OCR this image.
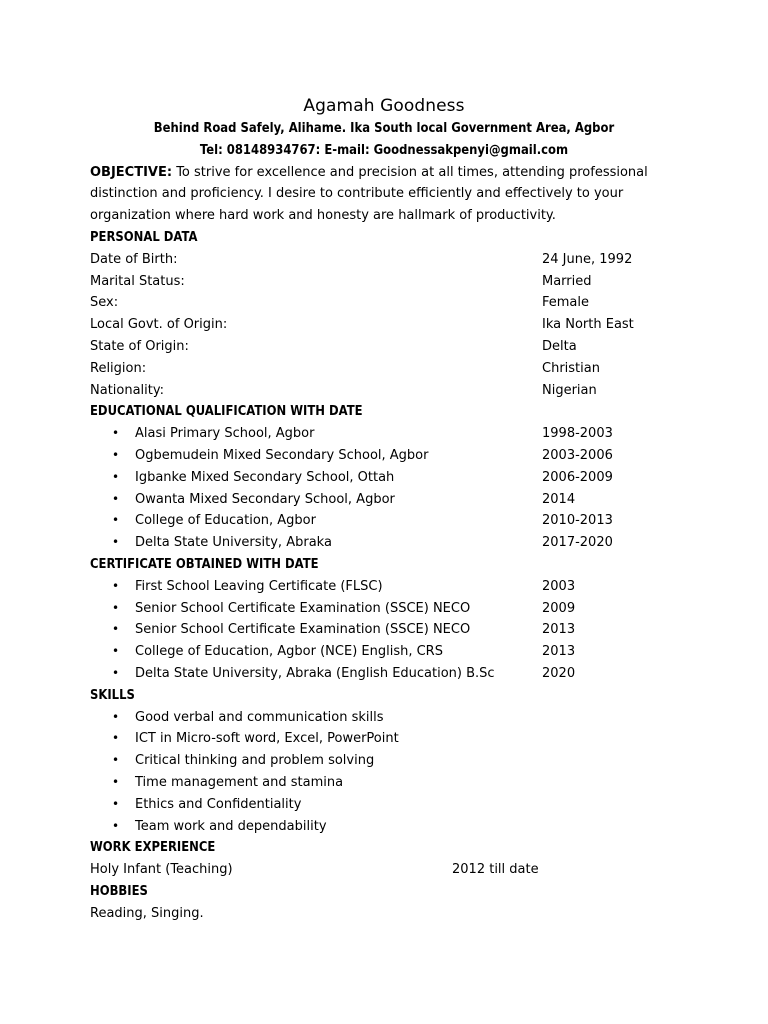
Agamah Goodness
Behind Road Safely, Alihame. Ika South local Government Area, Agbor
Tel: 08148934767: E-mail: Goodnessakpenyi@gmail.com

OBJECTIVE: To strive for excellence and precision at all times, attending professional distinction and proficiency. I desire to contribute efficiently and effectively to your organization where hard work and honesty are hallmark of productivity.

PERSONAL DATA
Date of Birth:	24 June, 1992
Marital Status:	Married
Sex:	Female
Local Govt. of Origin:	Ika North East
State of Origin:	Delta
Religion:	Christian
Nationality:	Nigerian
EDUCATIONAL QUALIFICATION WITH DATE
• Alasi Primary School, Agbor	1998-2003
• Ogbemudein Mixed Secondary School, Agbor	2003-2006
• Igbanke Mixed Secondary School, Ottah	2006-2009
• Owanta Mixed Secondary School, Agbor	2014
• College of Education, Agbor	2010-2013
• Delta State University, Abraka	2017-2020
CERTIFICATE OBTAINED WITH DATE
• First School Leaving Certificate (FLSC)	2003
• Senior School Certificate Examination (SSCE) NECO	2009
• Senior School Certificate Examination (SSCE) NECO	2013
• College of Education, Agbor (NCE) English, CRS	2013
• Delta State University, Abraka (English Education) B.Sc	2020
SKILLS
• Good verbal and communication skills
• ICT in Micro-soft word, Excel, PowerPoint
• Critical thinking and problem solving
• Time management and stamina
• Ethics and Confidentiality
• Team work and dependability
WORK EXPERIENCE
Holy Infant (Teaching)	2012 till date
HOBBIES
Reading, Singing.
